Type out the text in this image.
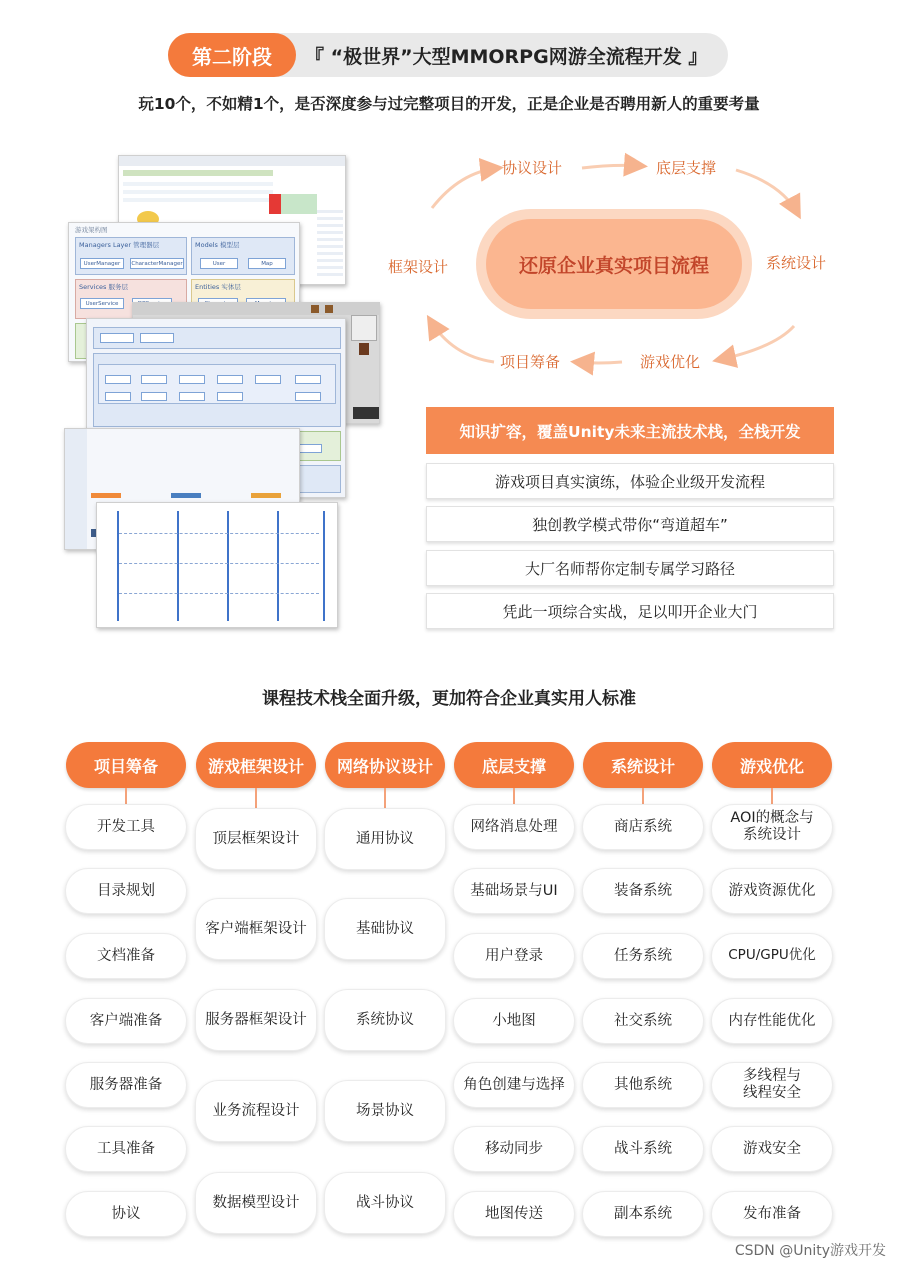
第二阶段	『 “极世界”大型MMORPG网游全流程开发 』
玩10个，不如精1个，是否深度参与过完整项目的开发，正是企业是否聘用新人的重要考量
游戏架构图
Managers Layer 管理器层
UserManager	CharacterManager
Models 模型层
User	Map
Services 服务层
UserService
Entities 实体层
协议设计	底层支撑
系统设计
游戏优化
项目筹备
框架设计	还原企业真实项目流程
知识扩容，覆盖Unity未来主流技术栈，全栈开发
游戏项目真实演练，体验企业级开发流程
独创教学模式带你“弯道超车”
大厂名师帮你定制专属学习路径
凭此一项综合实战，足以叩开企业大门
课程技术栈全面升级，更加符合企业真实用人标准
项目筹备
开发工具
目录规划
文档准备
客户端准备
服务器准备
工具准备
协议
游戏框架设计
顶层框架设计
客户端框架设计
服务器框架设计
业务流程设计
数据模型设计
网络协议设计
通用协议
基础协议
系统协议
场景协议
战斗协议
底层支撑
网络消息处理
基础场景与UI
用户登录
小地图
角色创建与选择
移动同步
地图传送
系统设计
商店系统
装备系统
任务系统
社交系统
其他系统
战斗系统
副本系统
游戏优化
AOI的概念与
系统设计
游戏资源优化
CPU/GPU优化
内存性能优化
多线程与
线程安全
游戏安全
发布准备
CSDN @Unity游戏开发
